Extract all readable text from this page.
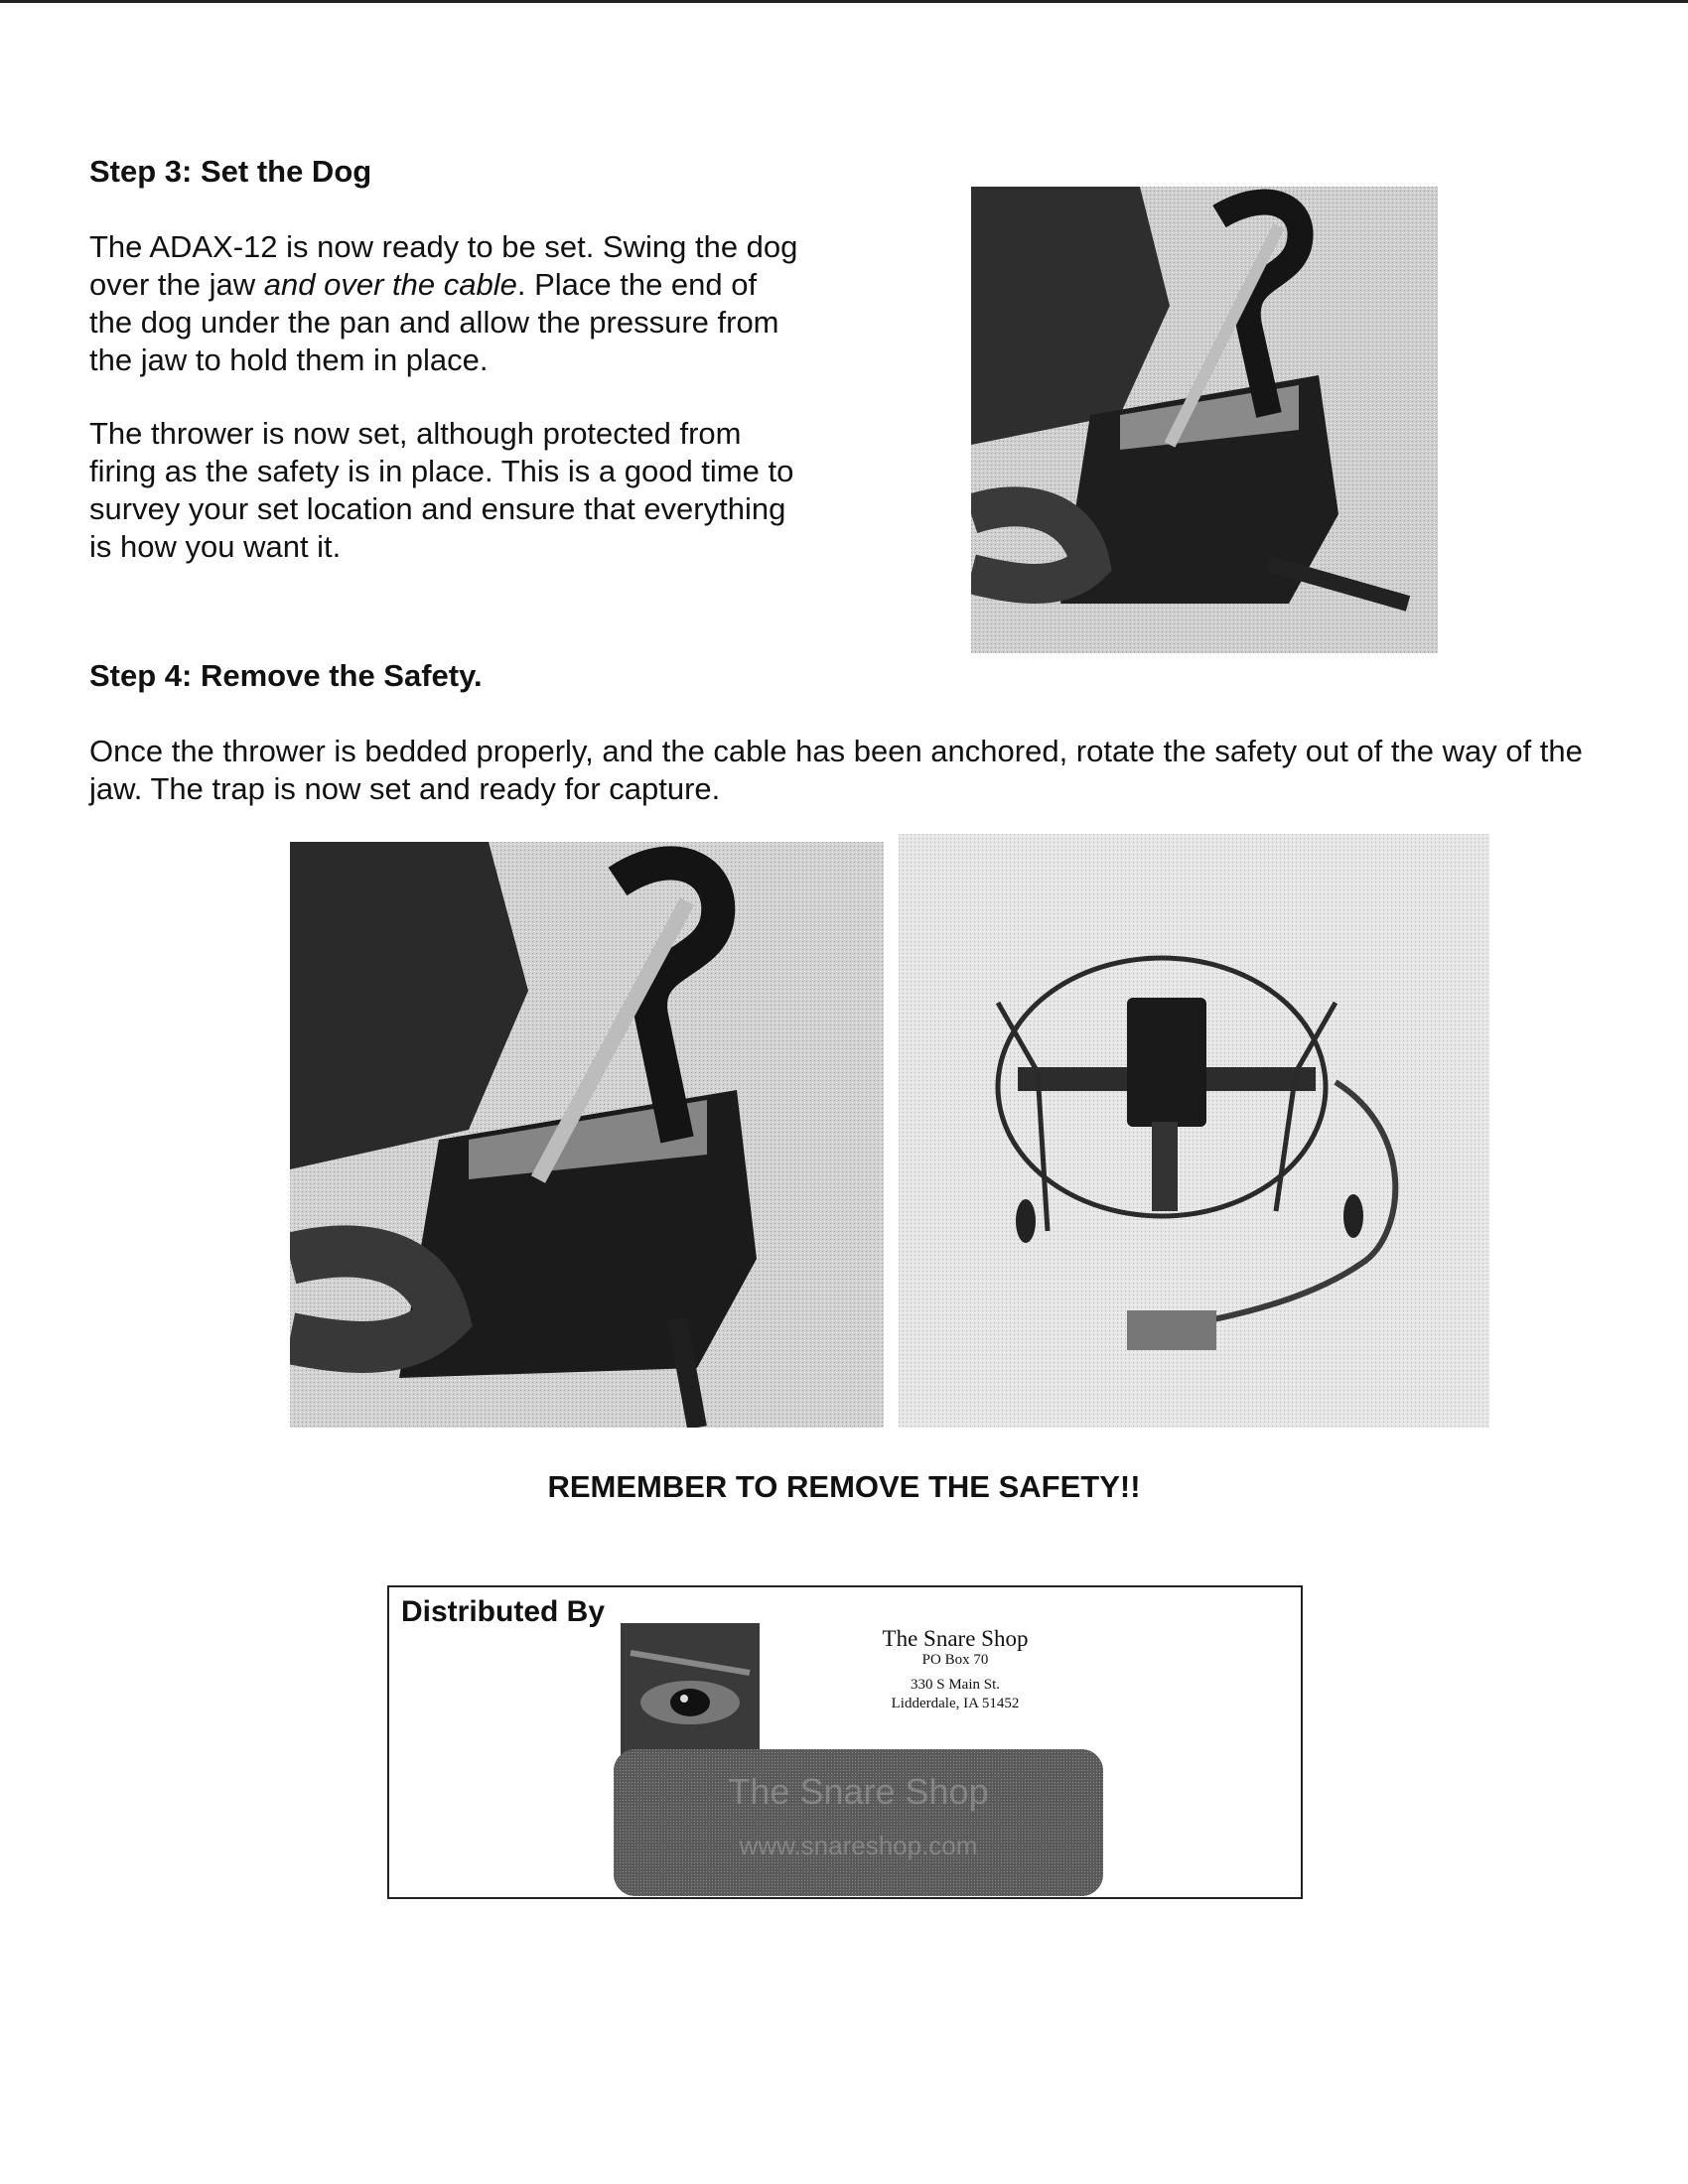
Step 3: Set the Dog

The ADAX-12 is now ready to be set. Swing the dog over the jaw and over the cable. Place the end of the dog under the pan and allow the pressure from the jaw to hold them in place.

The thrower is now set, although protected from firing as the safety is in place. This is a good time to survey your set location and ensure that everything is how you want it.

Step 4: Remove the Safety.

Once the thrower is bedded properly, and the cable has been anchored, rotate the safety out of the way of the jaw. The trap is now set and ready for capture.

REMEMBER TO REMOVE THE SAFETY!!

Distributed By
The Snare Shop
PO Box 70
330 S Main St.
Lidderdale, IA 51452
The Snare Shop
www.snareshop.com
